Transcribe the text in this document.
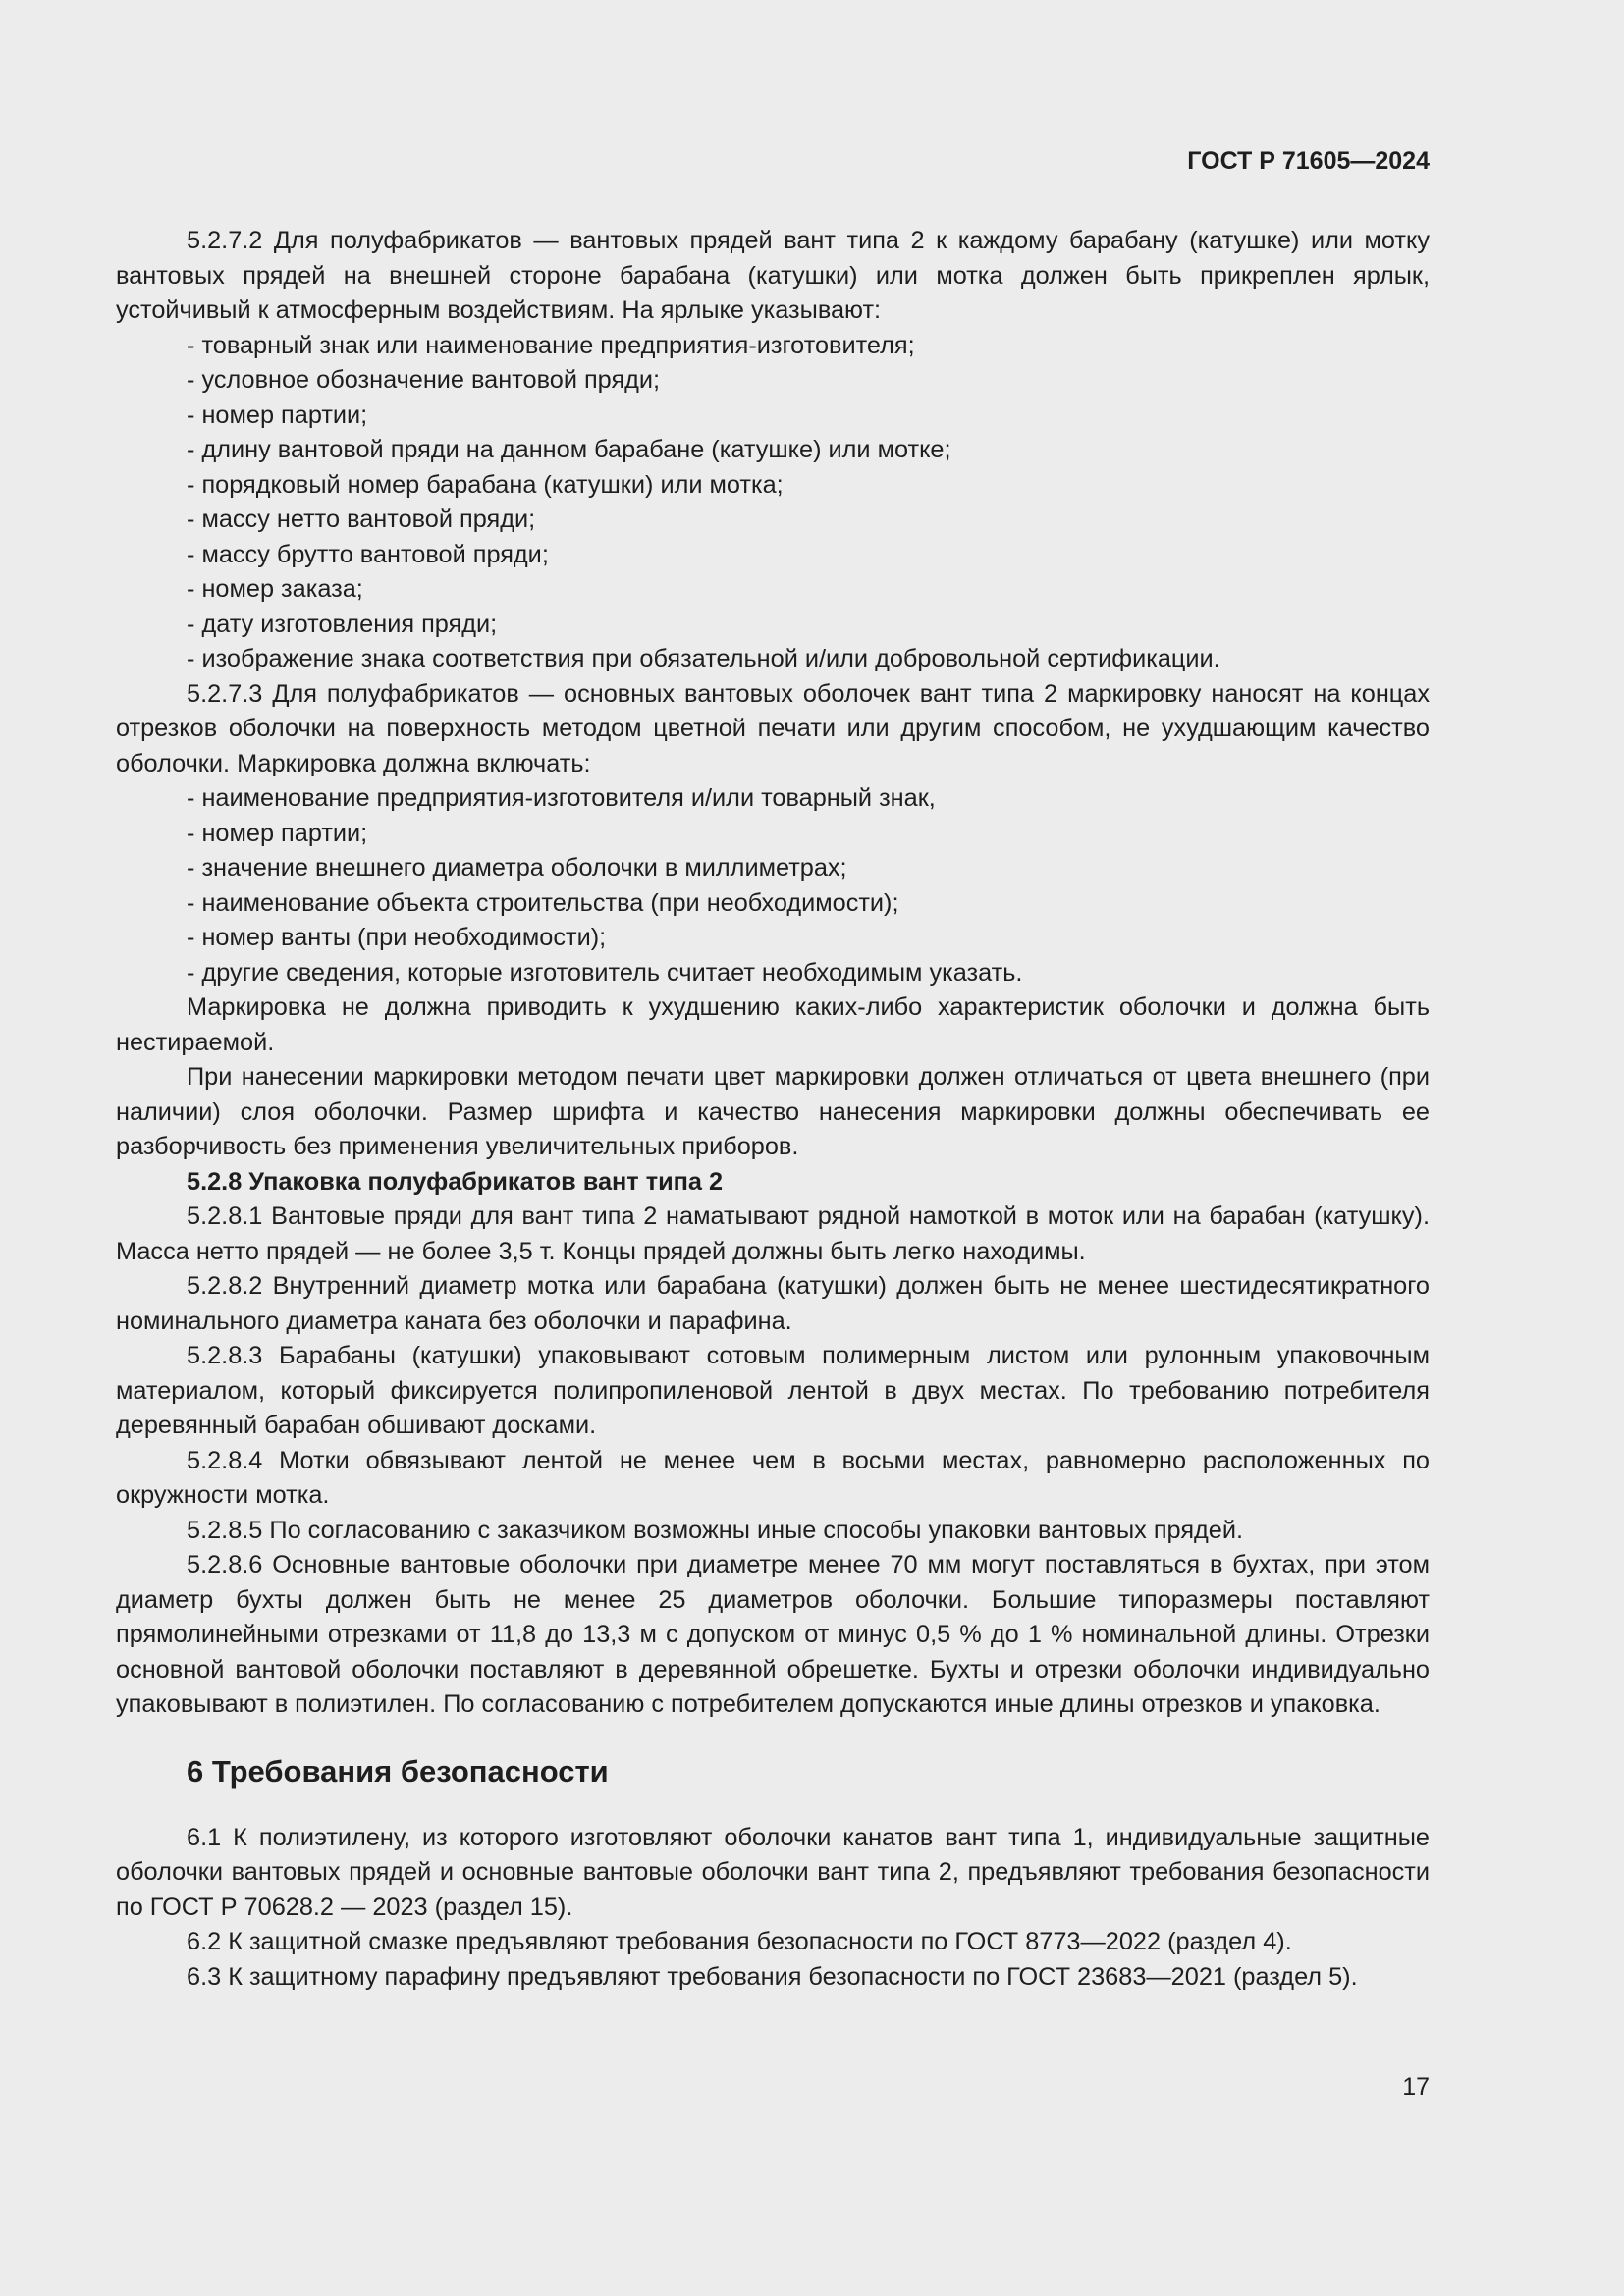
ГОСТ Р 71605—2024

5.2.7.2 Для полуфабрикатов — вантовых прядей вант типа 2 к каждому барабану (катушке) или мотку вантовых прядей на внешней стороне барабана (катушки) или мотка должен быть прикреплен ярлык, устойчивый к атмосферным воздействиям. На ярлыке указывают:

- товарный знак или наименование предприятия-изготовителя;

- условное обозначение вантовой пряди;

- номер партии;

- длину вантовой пряди на данном барабане (катушке) или мотке;

- порядковый номер барабана (катушки) или мотка;

- массу нетто вантовой пряди;

- массу брутто вантовой пряди;

- номер заказа;

- дату изготовления пряди;

- изображение знака соответствия при обязательной и/или добровольной сертификации.

5.2.7.3 Для полуфабрикатов — основных вантовых оболочек вант типа 2 маркировку наносят на концах отрезков оболочки на поверхность методом цветной печати или другим способом, не ухудшающим качество оболочки. Маркировка должна включать:

- наименование предприятия-изготовителя и/или товарный знак,

- номер партии;

- значение внешнего диаметра оболочки в миллиметрах;

- наименование объекта строительства (при необходимости);

- номер ванты (при необходимости);

- другие сведения, которые изготовитель считает необходимым указать.

Маркировка не должна приводить к ухудшению каких-либо характеристик оболочки и должна быть нестираемой.

При нанесении маркировки методом печати цвет маркировки должен отличаться от цвета внешнего (при наличии) слоя оболочки. Размер шрифта и качество нанесения маркировки должны обеспечивать ее разборчивость без применения увеличительных приборов.

5.2.8 Упаковка полуфабрикатов вант типа 2

5.2.8.1 Вантовые пряди для вант типа 2 наматывают рядной намоткой в моток или на барабан (катушку). Масса нетто прядей — не более 3,5 т. Концы прядей должны быть легко находимы.

5.2.8.2 Внутренний диаметр мотка или барабана (катушки) должен быть не менее шестидесятикратного номинального диаметра каната без оболочки и парафина.

5.2.8.3 Барабаны (катушки) упаковывают сотовым полимерным листом или рулонным упаковочным материалом, который фиксируется полипропиленовой лентой в двух местах. По требованию потребителя деревянный барабан обшивают досками.

5.2.8.4 Мотки обвязывают лентой не менее чем в восьми местах, равномерно расположенных по окружности мотка.

5.2.8.5 По согласованию с заказчиком возможны иные способы упаковки вантовых прядей.

5.2.8.6 Основные вантовые оболочки при диаметре менее 70 мм могут поставляться в бухтах, при этом диаметр бухты должен быть не менее 25 диаметров оболочки. Большие типоразмеры поставляют прямолинейными отрезками от 11,8 до 13,3 м с допуском от минус 0,5 % до 1 % номинальной длины. Отрезки основной вантовой оболочки поставляют в деревянной обрешетке. Бухты и отрезки оболочки индивидуально упаковывают в полиэтилен. По согласованию с потребителем допускаются иные длины отрезков и упаковка.

6 Требования безопасности

6.1 К полиэтилену, из которого изготовляют оболочки канатов вант типа 1, индивидуальные защитные оболочки вантовых прядей и основные вантовые оболочки вант типа 2, предъявляют требования безопасности по ГОСТ Р 70628.2 — 2023 (раздел 15).

6.2 К защитной смазке предъявляют требования безопасности по ГОСТ 8773—2022 (раздел 4).

6.3 К защитному парафину предъявляют требования безопасности по ГОСТ 23683—2021 (раздел 5).

17
